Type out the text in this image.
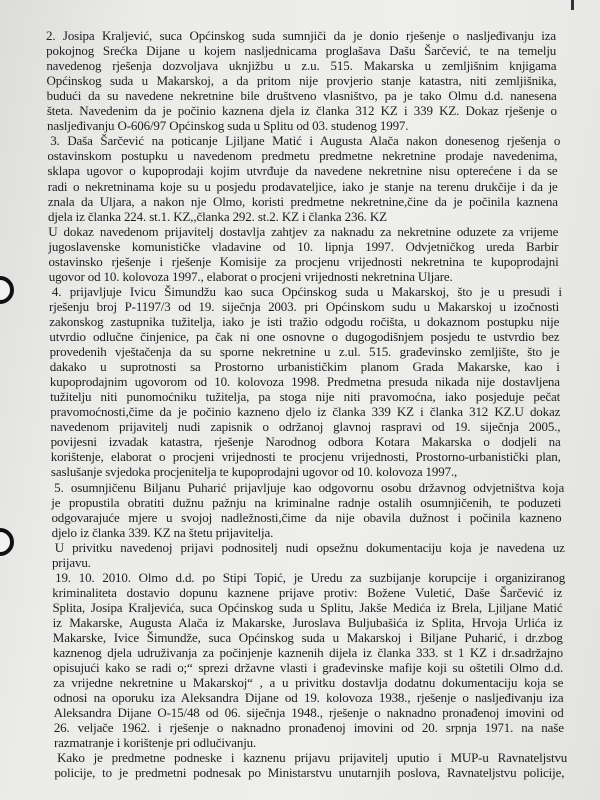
2. Josipa Kraljević, suca Općinskog suda sumnjiči da je donio rješenje o nasljeđivanju iza
pokojnog Srećka Dijane u kojem nasljednicama proglašava Dašu Šarčević, te na temelju
navedenog rješenja dozvoljava uknjižbu u z.u. 515. Makarska u zemljišnim knjigama
Općinskog suda u Makarskoj, a da pritom nije provjerio stanje katastra, niti zemljišnika,
budući da su navedene nekretnine bile društveno vlasništvo, pa je tako Olmu d.d. nanesena
šteta. Navedenim da je počinio kaznena djela iz članka 312 KZ i 339 KZ. Dokaz rješenje o
nasljeđivanju O-606/97 Općinskog suda u Splitu od 03. studenog 1997.
3. Daša Šarčević na poticanje Ljiljane Matić i Augusta Alača nakon donesenog rješenja o
ostavinskom postupku u navedenom predmetu predmetne nekretnine prodaje navedenima,
sklapa ugovor o kupoprodaji kojim utvrđuje da navedene nekretnine nisu opterećene i da se
radi o nekretninama koje su u posjedu prodavateljice, iako je stanje na terenu drukčije i da je
znala da Uljara, a nakon nje Olmo, koristi predmetne nekretnine,čine da je počinila kaznena
djela iz članka 224. st.1. KZ,,članka 292. st.2. KZ i članka 236. KZ
U dokaz navedenom prijavitelj dostavlja zahtjev za naknadu za nekretnine oduzete za vrijeme
jugoslavenske komunističke vladavine od 10. lipnja 1997. Odvjetničkog ureda Barbir
ostavinsko rješenje i rješenje Komisije za procjenu vrijednosti nekretnina te kupoprodajni
ugovor od 10. kolovoza 1997., elaborat o procjeni vrijednosti nekretnina Uljare.
4. prijavljuje Ivicu Šimundžu kao suca Općinskog suda u Makarskoj, što je u presudi i
rješenju broj P-1197/3 od 19. siječnja 2003. pri Općinskom sudu u Makarskoj u izočnosti
zakonskog zastupnika tužitelja, iako je isti tražio odgodu ročišta, u dokaznom postupku nije
utvrdio odlučne činjenice, pa čak ni one osnovne o dugogodišnjem posjedu te ustvrdio bez
provedenih vještačenja da su sporne nekretnine u z.ul. 515. građevinsko zemljište, što je
dakako u suprotnosti sa Prostorno urbanističkim planom Grada Makarske, kao i
kupoprodajnim ugovorom od 10. kolovoza 1998. Predmetna presuda nikada nije dostavljena
tužitelju niti punomoćniku tužitelja, pa stoga nije niti pravomoćna, iako posjeduje pečat
pravomoćnosti,čime da je počinio kazneno djelo iz članka 339 KZ i članka 312 KZ.U dokaz
navedenom prijavitelj nudi zapisnik o održanoj glavnoj raspravi od 19. siječnja 2005.,
povijesni izvadak katastra, rješenje Narodnog odbora Kotara Makarska o dodjeli na
korištenje, elaborat o procjeni vrijednosti te procjenu vrijednosti, Prostorno-urbanistički plan,
saslušanje svjedoka procjenitelja te kupoprodajni ugovor od 10. kolovoza 1997.,
5. osumnjičenu Biljanu Puharić prijavljuje kao odgovornu osobu državnog odvjetništva koja
je propustila obratiti dužnu pažnju na kriminalne radnje ostalih osumnjičenih, te poduzeti
odgovarajuće mjere u svojoj nadležnosti,čime da nije obavila dužnost i počinila kazneno
djelo iz članka 339. KZ na štetu prijavitelja.
U privitku navedenoj prijavi podnositelj nudi opsežnu dokumentaciju koja je navedena uz
prijavu.
19. 10. 2010. Olmo d.d. po Stipi Topić, je Uredu za suzbijanje korupcije i organiziranog
kriminaliteta dostavio dopunu kaznene prijave protiv: Božene Vuletić, Daše Šarčević iz
Splita, Josipa Kraljevića, suca Općinskog suda u Splitu, Jakše Medića iz Brela, Ljiljane Matić
iz Makarske, Augusta Alača iz Makarske, Juroslava Buljubašića iz Splita, Hrvoja Urlića iz
Makarske, Ivice Šimundže, suca Općinskog suda u Makarskoj i Biljane Puharić, i dr.zbog
kaznenog djela udruživanja za počinjenje kaznenih dijela iz članka 333. st 1 KZ i dr.sadržajno
opisujući kako se radi o;“ sprezi državne vlasti i građevinske mafije koji su oštetili Olmo d.d.
za vrijedne nekretnine u Makarskoj“ , a u privitku dostavlja dodatnu dokumentaciju koja se
odnosi na oporuku iza Aleksandra Dijane od 19. kolovoza 1938., rješenje o nasljeđivanju iza
Aleksandra Dijane O-15/48 od 06. siječnja 1948., rješenje o naknadno pronađenoj imovini od
26. veljače 1962. i rješenje o naknadno pronađenoj imovini od 20. srpnja 1971. na naše
razmatranje i korištenje pri odlučivanju.
Kako je predmetne podneske i kaznenu prijavu prijavitelj uputio i MUP-u Ravnateljstvu
policije, to je predmetni podnesak po Ministarstvu unutarnjih poslova, Ravnateljstvu policije,
